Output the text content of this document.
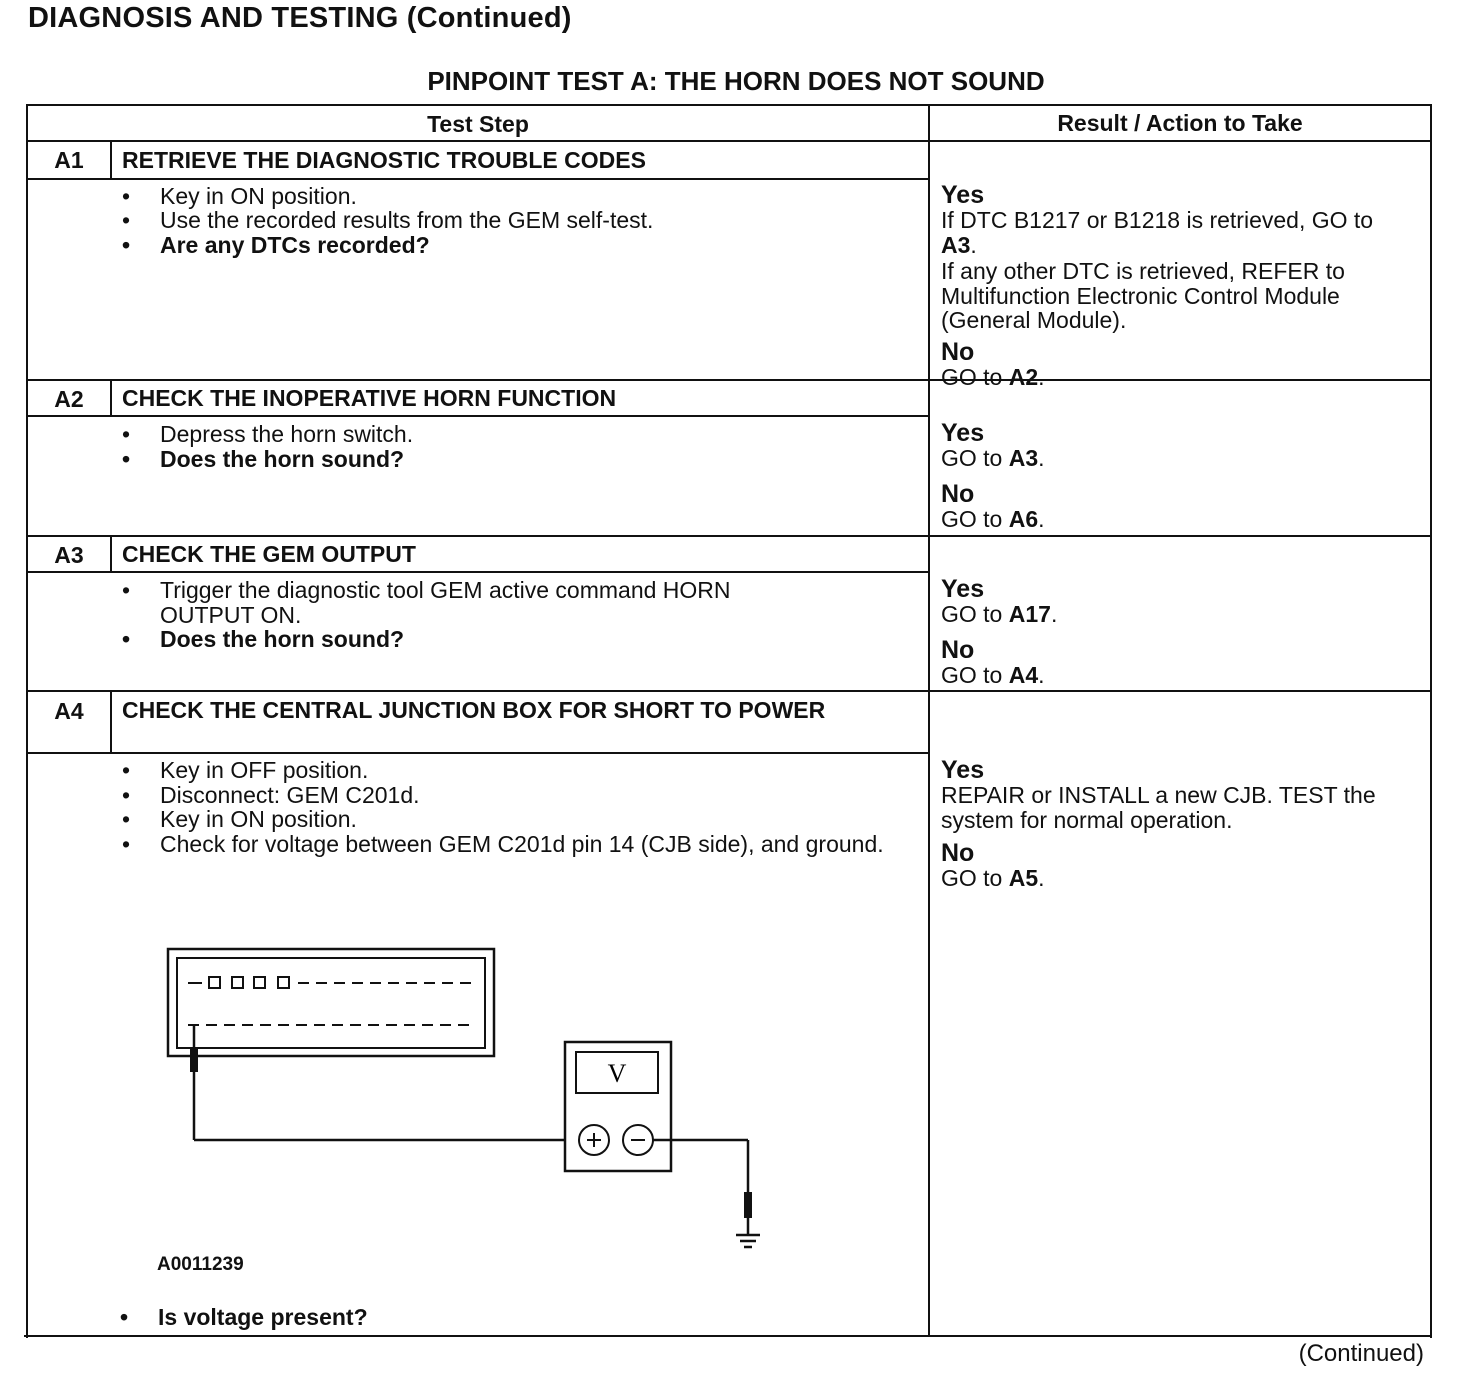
DIAGNOSIS AND TESTING (Continued)
PINPOINT TEST A: THE HORN DOES NOT SOUND
Test Step	Result / Action to Take
A1	RETRIEVE THE DIAGNOSTIC TROUBLE CODES
• Key in ON position.
• Use the recorded results from the GEM self-test.
• Are any DTCs recorded?
Yes
If DTC B1217 or B1218 is retrieved, GO to
A3.

If any other DTC is retrieved, REFER to Multifunction Electronic Control Module (General Module).
No
GO to A2.
A2	CHECK THE INOPERATIVE HORN FUNCTION
• Depress the horn switch.
• Does the horn sound?
Yes
GO to A3.
No
GO to A6.
A3	CHECK THE GEM OUTPUT
• Trigger the diagnostic tool GEM active command HORN OUTPUT ON.
• Does the horn sound?
Yes
GO to A17.
No
GO to A4.
A4	CHECK THE CENTRAL JUNCTION BOX FOR SHORT TO POWER
• Key in OFF position.
• Disconnect: GEM C201d.
• Key in ON position.
• Check for voltage between GEM C201d pin 14 (CJB side), and ground.
V
A0011239
• Is voltage present?
Yes
REPAIR or INSTALL a new CJB. TEST the system for normal operation.
No
GO to A5.
(Continued)
